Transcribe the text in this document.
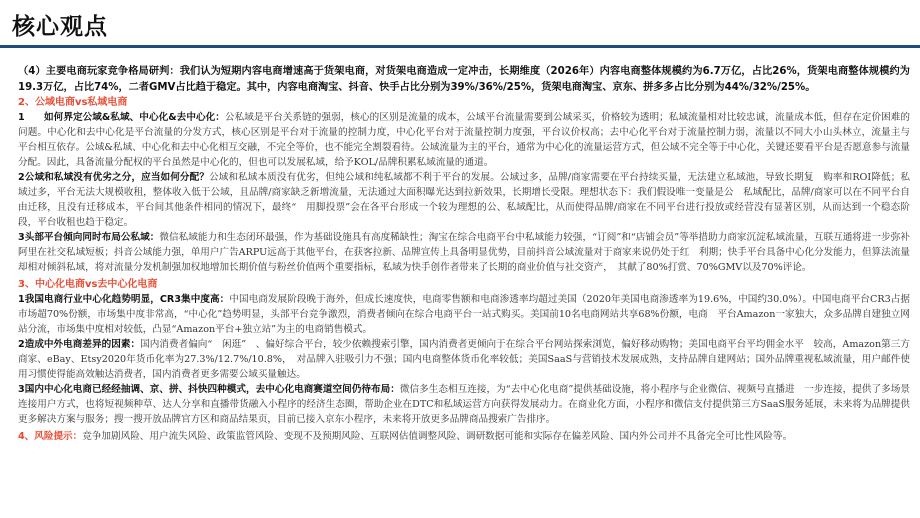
核心观点

（4）主要电商玩家竞争格局研判：我们认为短期内容电商增速高于货架电商，对货架电商造成一定冲击，长期维度（2026年）内容电商整体规模约为6.7万亿，占比26%，货架电商整体规模约为19.3万亿，占比74%，二者GMV占比趋于稳定。其中，内容电商淘宝、抖音、快手占比分别为39%/36%/25%，货架电商淘宝、京东、拼多多占比分别为44%/32%/25%。

2、公域电商vs私域电商

1　　如何界定公域&私域、中心化&去中心化：公私域是平台关系链的强弱，核心的区别是流量的成本，公域平台流量需要到公域采买，价格较为透明；私域流量相对比较忠诚，流量成本低，但存在定价困难的问题。中心化和去中心化是平台流量的分发方式，核心区别是平台对于流量的控制力度，中心化平台对于流量控制力度强，平台议价权高；去中心化平台对于流量控制力弱，流量以不同大小山头林立，流量主与平台相互依存。公域&私域、中心化和去中心化相互交融，不完全等价，也不能完全割裂看待。公域流量为主的平台，通常为中心化的流量运营方式，但公域不完全等于中心化，关键还要看平台是否愿意参与流量分配。因此，具备流量分配权的平台虽然是中心化的，但也可以发展私域，给予KOL/品牌积累私域流量的通道。

2公域和私域没有优劣之分，应当如何分配？公域和私域本质没有优劣，但纯公域和纯私域都不利于平台的发展。公域过多，品牌/商家需要在平台持续买量，无法建立私域池，导致长期复　购率和ROI降低；私域过多，平台无法大规模收租，整体收入低于公域，且品牌/商家缺乏新增流量，无法通过大面积曝光达到拉新效果，长期增长受限。理想状态下：我们假设唯一变量是公　私域配比，品牌/商家可以在不同平台自由迁移，且没有迁移成本，平台间其他条件相同的情况下，最终“　用脚投票”会在各平台形成一个较为理想的公、私域配比，从而使得品牌/商家在不同平台进行投放或经营没有显著区别，从而达到一个稳态阶段，平台收租也趋于稳定。

3头部平台倾向同时布局公私域：微信私域能力和生态闭环最强，作为基础设施具有高度稀缺性；淘宝在综合电商平台中私域能力较强，“订阅”和“店铺会员”等举措助力商家沉淀私域流量，互联互通将进一步弥补阿里在社交私域短板；抖音公域能力强，单用户广告ARPU远高于其他平台，在获客拉新、品牌宣传上具备明显优势，目前抖音公域流量对于商家来说仍处于红　利期；快手平台具备中心化分发能力，但算法流量却相对倾斜私域，将对流量分发机制强加权地增加长期价值与粉丝价值两个重要指标，私域为快手创作者带来了长期的商业价值与社交资产，　其献了80%打赏、70%GMV以及70%评论。

3、中心化电商vs去中心化电商

1我国电商行业中心化趋势明显，CR3集中度高：中国电商发展阶段晚于海外，但成长速度快，电商零售额和电商渗透率均超过美国（2020年美国电商渗透率为19.6%，中国约30.0%）。中国电商平台CR3占据市场超70%份额，市场集中度非常高，“中心化”趋势明显，头部平台竞争激烈，消费者倾向在综合电商平台一站式购买。美国前10名电商网站共享68%份额，电商　平台Amazon一家独大，众多品牌自建独立网站分流，市场集中度相对较低，凸显“Amazon平台+独立站”为主的电商销售模式。

2造成中外电商差异的因素：国内消费者偏向“　闲逛”　、偏好综合平台，较少依赖搜索引擎，国内消费者更倾向于在综合平台网站探索浏览，偏好移动购物；美国电商平台平均佣金水平　较高，Amazon第三方商家、eBay、Etsy2020年货币化率为27.3%/12.7%/10.8%，　对品牌入驻吸引力不强；国内电商整体货币化率较低；美国SaaS与营销技术发展成熟，支持品牌自建网站；国外品牌重视私域流量，用户邮件使用习惯使得能高效触达消费者，国内消费者更多需要公域买量触达。

3国内中心化电商已经经抽调、京、拼、抖快四种模式，去中心化电商赛道空间仍待布局：微信多生态相互连接，为“去中心化电商”提供基础设施，将小程序与企业微信、视频号直播进　一步连接，提供了多场景连接用户方式，也将短视频种草、达人分享和直播带货融入小程序的经济生态圈，帮助企业在DTC和私域运营方向获得发展动力。在商业化方面，小程序和微信支付提供第三方SaaS服务延展，未来将为品牌提供更多解决方案与服务；搜一搜开放品牌官方区和商品结果页，目前已接入京东小程序，未来将开放更多品牌商品搜索广告排序。

4、风险提示：竞争加剧风险、用户流失风险、政策监管风险、变现不及预期风险、互联网估值调整风险、调研数据可能和实际存在偏差风险、国内外公司并不具备完全可比性风险等。
